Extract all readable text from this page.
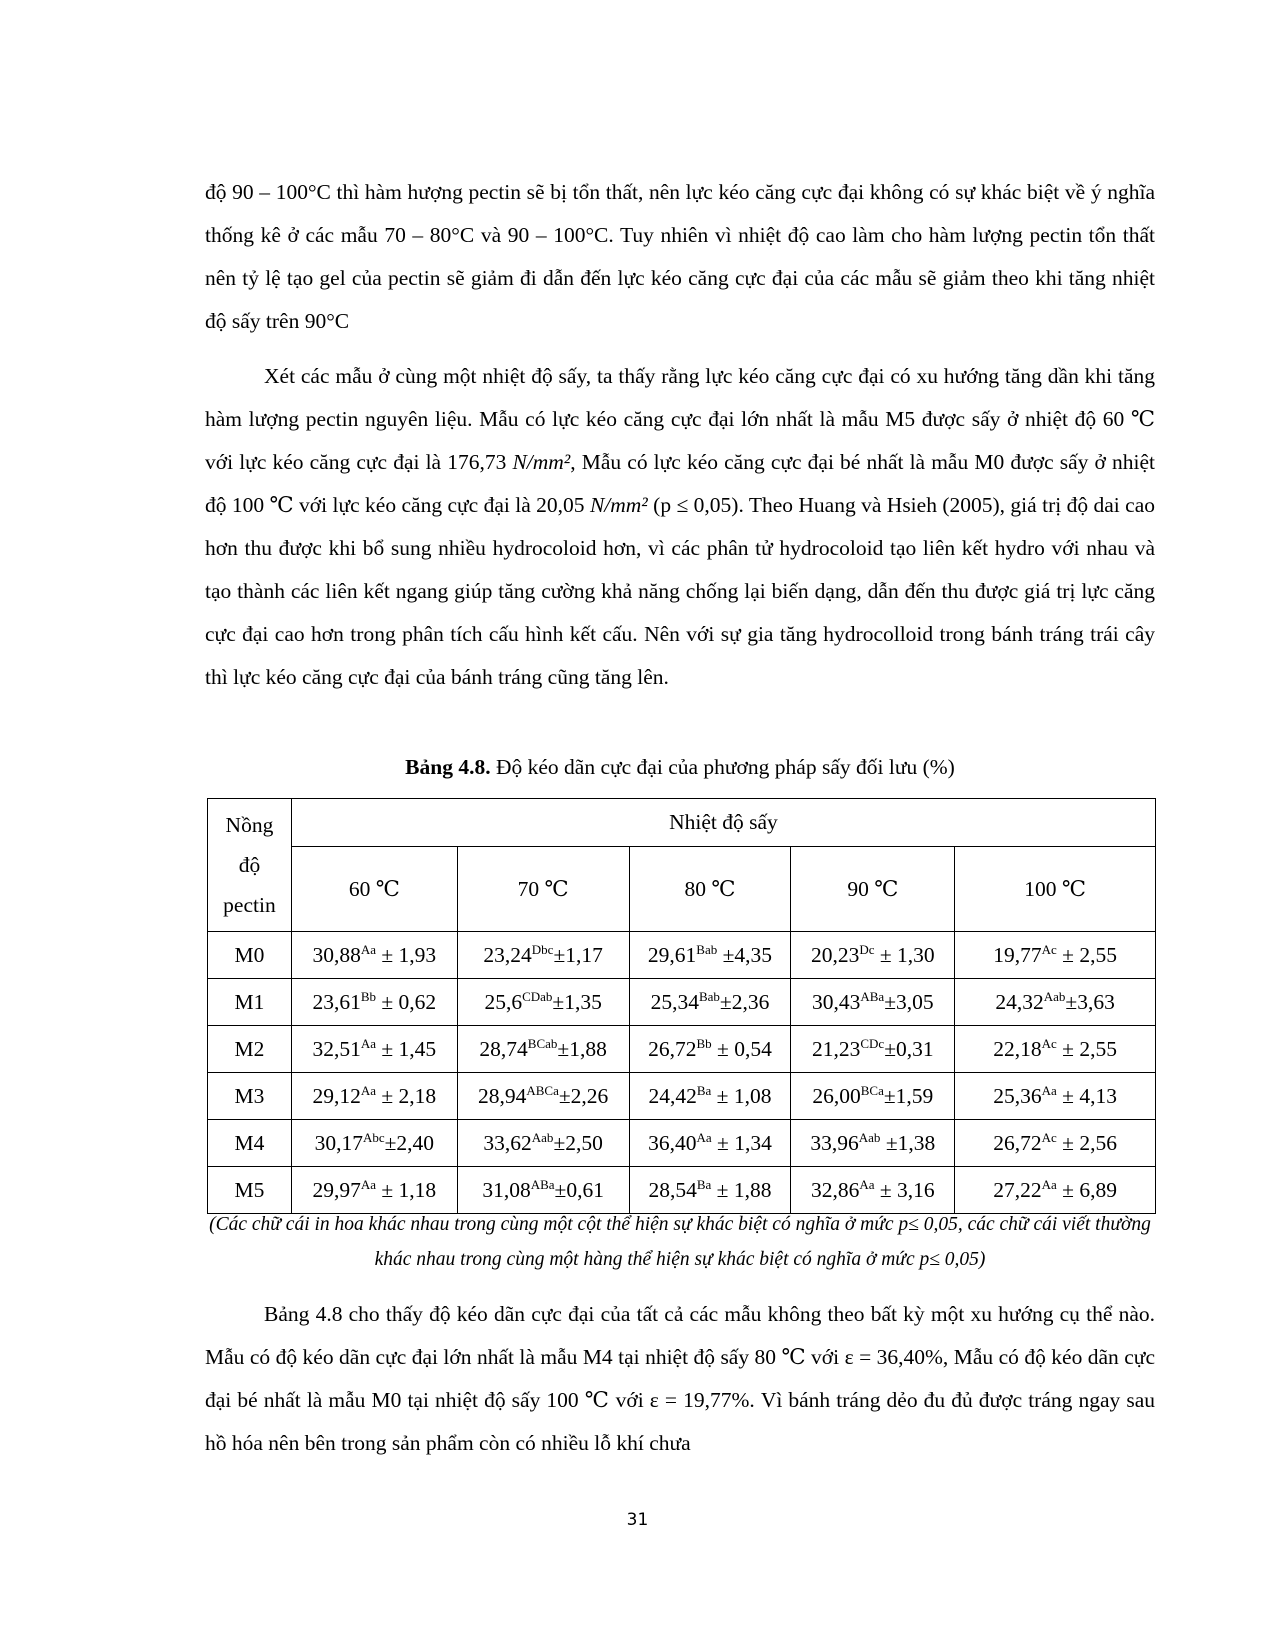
độ 90 – 100°C thì hàm hượng pectin sẽ bị tổn thất, nên lực kéo căng cực đại không có sự khác biệt về ý nghĩa thống kê ở các mẫu 70 – 80°C và 90 – 100°C. Tuy nhiên vì nhiệt độ cao làm cho hàm lượng pectin tổn thất nên tỷ lệ tạo gel của pectin sẽ giảm đi dẫn đến lực kéo căng cực đại của các mẫu sẽ giảm theo khi tăng nhiệt độ sấy trên 90°C

Xét các mẫu ở cùng một nhiệt độ sấy, ta thấy rằng lực kéo căng cực đại có xu hướng tăng dần khi tăng hàm lượng pectin nguyên liệu. Mẫu có lực kéo căng cực đại lớn nhất là mẫu M5 được sấy ở nhiệt độ 60 ℃ với lực kéo căng cực đại là 176,73 N/mm², Mẫu có lực kéo căng cực đại bé nhất là mẫu M0 được sấy ở nhiệt độ 100 ℃ với lực kéo căng cực đại là 20,05 N/mm² (p ≤ 0,05). Theo Huang và Hsieh (2005), giá trị độ dai cao hơn thu được khi bổ sung nhiều hydrocoloid hơn, vì các phân tử hydrocoloid tạo liên kết hydro với nhau và tạo thành các liên kết ngang giúp tăng cường khả năng chống lại biến dạng, dẫn đến thu được giá trị lực căng cực đại cao hơn trong phân tích cấu hình kết cấu. Nên với sự gia tăng hydrocolloid trong bánh tráng trái cây thì lực kéo căng cực đại của bánh tráng cũng tăng lên.

Bảng 4.8. Độ kéo dãn cực đại của phương pháp sấy đối lưu (%)
Nồng
độ
pectin	Nhiệt độ sấy				
	60 ℃	70 ℃	80 ℃	90 ℃	100 ℃
M0	$30,88^{Aa} \pm 1,93$	$23,24^{Dbc}\pm 1,17$	$29,61^{Bab} \pm 4,35$	$20,23^{Dc} \pm 1,30$	$19,77^{Ac} \pm 2,55$
M1	$23,61^{Bb} \pm 0,62$	$25,6^{CDab}\pm 1,35$	$25,34^{Bab}\pm 2,36$	$30,43^{ABa}\pm 3,05$	$24,32^{Aab}\pm 3,63$
M2	$32,51^{Aa} \pm 1,45$	$28,74^{BCab}\pm 1,88$	$26,72^{Bb} \pm 0,54$	$21,23^{CDc}\pm 0,31$	$22,18^{Ac} \pm 2,55$
M3	$29,12^{Aa} \pm 2,18$	$28,94^{ABCa}\pm 2,26$	$24,42^{Ba} \pm 1,08$	$26,00^{BCa}\pm 1,59$	$25,36^{Aa} \pm 4,13$
M4	$30,17^{Abc}\pm 2,40$	$33,62^{Aab}\pm 2,50$	$36,40^{Aa} \pm 1,34$	$33,96^{Aab} \pm 1,38$	$26,72^{Ac} \pm 2,56$
M5	$29,97^{Aa} \pm 1,18$	$31,08^{ABa}\pm 0,61$	$28,54^{Ba} \pm 1,88$	$32,86^{Aa} \pm 3,16$	$27,22^{Aa} \pm 6,89$
(Các chữ cái in hoa khác nhau trong cùng một cột thể hiện sự khác biệt có nghĩa ở mức p≤ 0,05, các chữ cái viết thường khác nhau trong cùng một hàng thể hiện sự khác biệt có nghĩa ở mức p≤ 0,05)

Bảng 4.8 cho thấy độ kéo dãn cực đại của tất cả các mẫu không theo bất kỳ một xu hướng cụ thể nào. Mẫu có độ kéo dãn cực đại lớn nhất là mẫu M4 tại nhiệt độ sấy 80 ℃ với ε = 36,40%, Mẫu có độ kéo dãn cực đại bé nhất là mẫu M0 tại nhiệt độ sấy 100 ℃ với ε = 19,77%. Vì bánh tráng dẻo đu đủ được tráng ngay sau hồ hóa nên bên trong sản phẩm còn có nhiều lỗ khí chưa

31
